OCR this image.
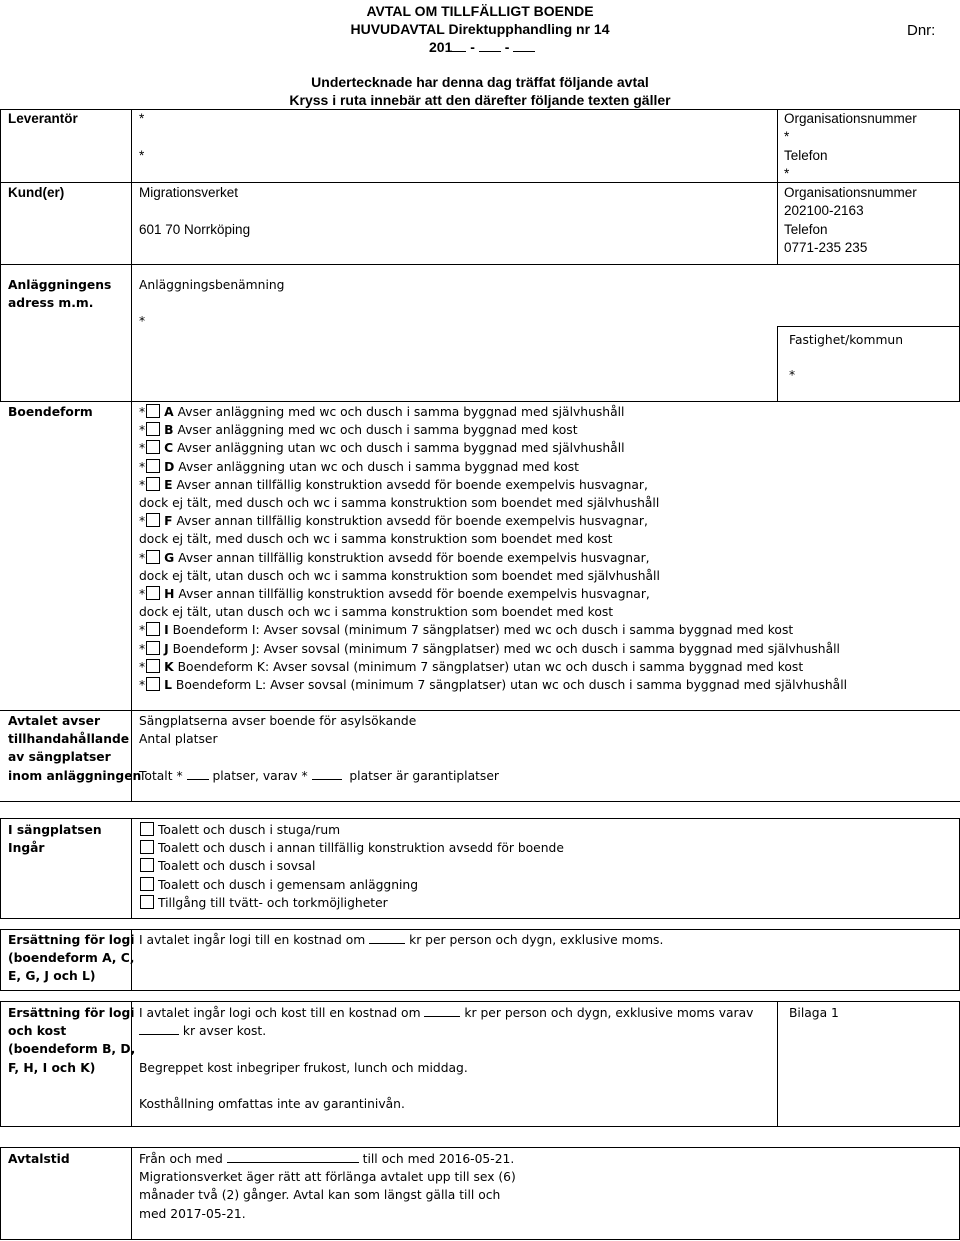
AVTAL OM TILLFÄLLIGT BOENDE
HUVUDAVTAL Direktupphandling nr 14
201 - -
Dnr:
Undertecknade har denna dag träffat följande avtal
Kryss i ruta innebär att den därefter följande texten gäller
Leverantör	*
*
Organisationsnummer
*
Telefon
*
Kund(er)	Migrationsverket
601 70 Norrköping
Organisationsnummer
202100-2163
Telefon
0771-235 235
Anläggningens
adress m.m.
Anläggningsbenämning
*
Fastighet/kommun
*
Boendeform	* A Avser anläggning med wc och dusch i samma byggnad med självhushåll
* B Avser anläggning med wc och dusch i samma byggnad med kost
* C Avser anläggning utan wc och dusch i samma byggnad med självhushåll
* D Avser anläggning utan wc och dusch i samma byggnad med kost
* E Avser annan tillfällig konstruktion avsedd för boende exempelvis husvagnar,
dock ej tält, med dusch och wc i samma konstruktion som boendet med självhushåll
* F Avser annan tillfällig konstruktion avsedd för boende exempelvis husvagnar,
dock ej tält, med dusch och wc i samma konstruktion som boendet med kost
* G Avser annan tillfällig konstruktion avsedd för boende exempelvis husvagnar,
dock ej tält, utan dusch och wc i samma konstruktion som boendet med självhushåll
* H Avser annan tillfällig konstruktion avsedd för boende exempelvis husvagnar,
dock ej tält, utan dusch och wc i samma konstruktion som boendet med kost
* I Boendeform I: Avser sovsal (minimum 7 sängplatser) med wc och dusch i samma byggnad med kost
* J Boendeform J: Avser sovsal (minimum 7 sängplatser) med wc och dusch i samma byggnad med självhushåll
* K Boendeform K: Avser sovsal (minimum 7 sängplatser) utan wc och dusch i samma byggnad med kost
* L Boendeform L: Avser sovsal (minimum 7 sängplatser) utan wc och dusch i samma byggnad med självhushåll
Avtalet avser
tillhandahållande
av sängplatser
inom anläggningen
Sängplatserna avser boende för asylsökande
Antal platser
Totalt * platser, varav *	platser är garantiplatser
I sängplatsen
Ingår
Toalett och dusch i stuga/rum
Toalett och dusch i annan tillfällig konstruktion avsedd för boende
Toalett och dusch i sovsal
Toalett och dusch i gemensam anläggning
Tillgång till tvätt- och torkmöjligheter
Ersättning för logi
(boendeform A, C,
E, G, J och L)
I avtalet ingår logi till en kostnad om	kr per person och dygn, exklusive moms.
Ersättning för logi
och kost
(boendeform B, D,
F, H, I och K)
I avtalet ingår logi och kost till en kostnad om	kr per person och dygn, exklusive moms varav
kr avser kost.
Begreppet kost inbegriper frukost, lunch och middag.
Kosthållning omfattas inte av garantinivån.
Bilaga 1
Avtalstid	Från och med	till och med 2016-05-21.
Migrationsverket äger rätt att förlänga avtalet upp till sex (6)
månader två (2) gånger. Avtal kan som längst gälla till och
med 2017-05-21.
